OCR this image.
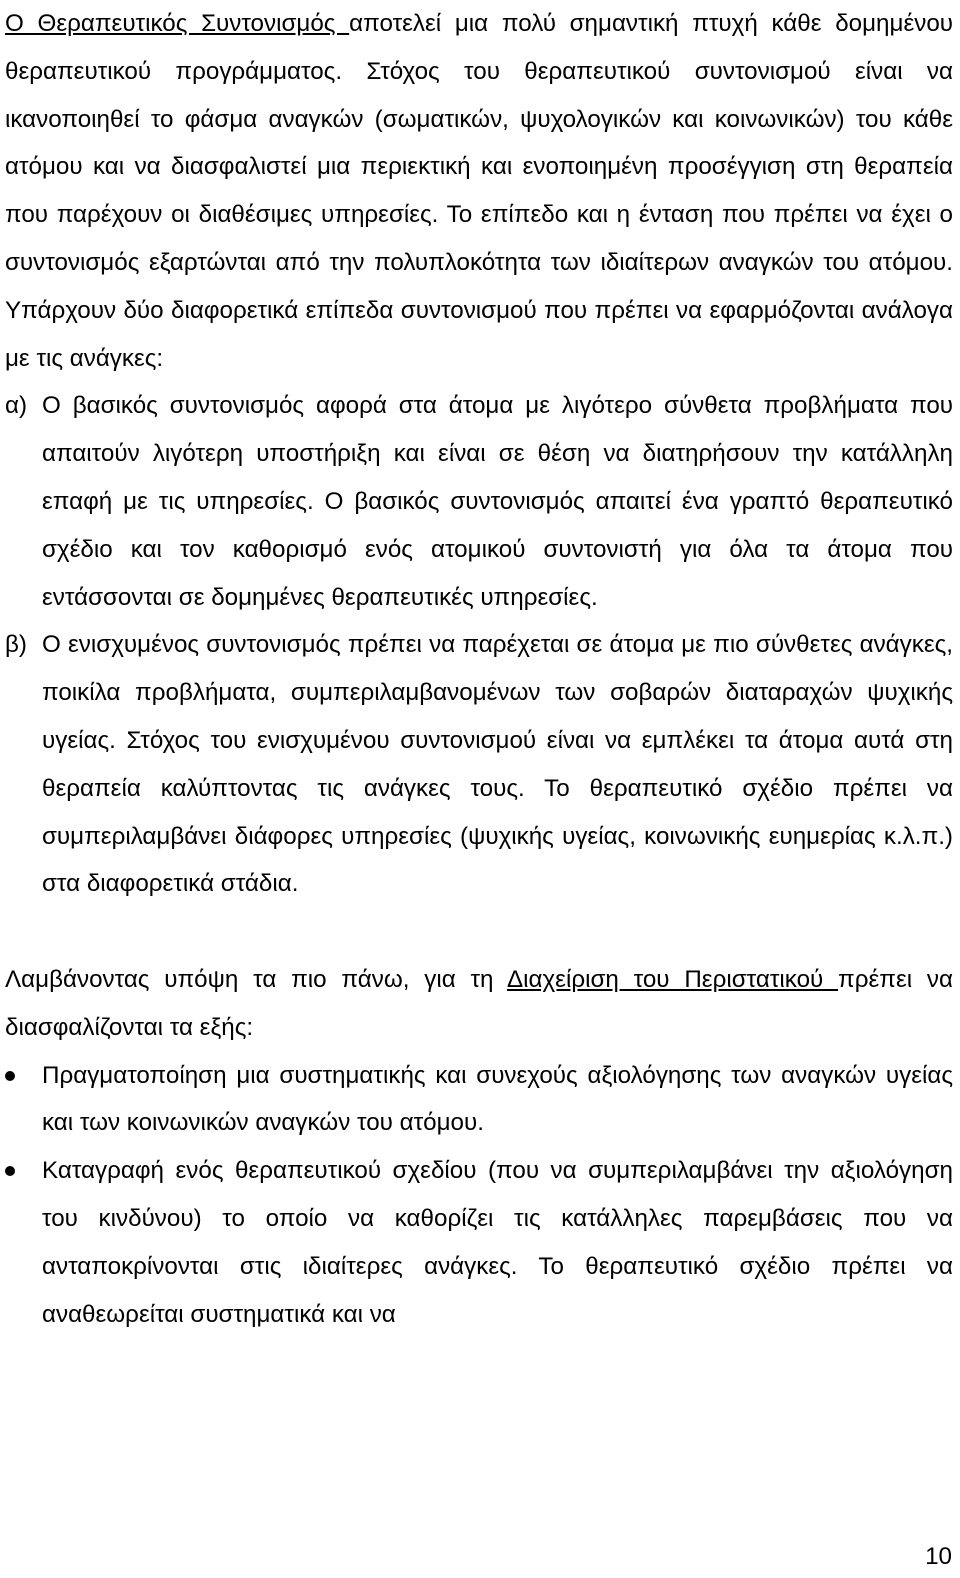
Ο Θεραπευτικός Συντονισμός αποτελεί μια πολύ σημαντική πτυχή κάθε δομημένου θεραπευτικού προγράμματος. Στόχος του θεραπευτικού συντονισμού είναι να ικανοποιηθεί το φάσμα αναγκών (σωματικών, ψυχολογικών και κοινωνικών) του κάθε ατόμου και να διασφαλιστεί μια περιεκτική και ενοποιημένη προσέγγιση στη θεραπεία που παρέχουν οι διαθέσιμες υπηρεσίες. Το επίπεδο και η ένταση που πρέπει να έχει ο συντονισμός εξαρτώνται από την πολυπλοκότητα των ιδιαίτερων αναγκών του ατόμου. Υπάρχουν δύο διαφορετικά επίπεδα συντονισμού που πρέπει να εφαρμόζονται ανάλογα με τις ανάγκες:

α) Ο βασικός συντονισμός αφορά στα άτομα με λιγότερο σύνθετα προβλήματα που απαιτούν λιγότερη υποστήριξη και είναι σε θέση να διατηρήσουν την κατάλληλη επαφή με τις υπηρεσίες. Ο βασικός συντονισμός απαιτεί ένα γραπτό θεραπευτικό σχέδιο και τον καθορισμό ενός ατομικού συντονιστή για όλα τα άτομα που εντάσσονται σε δομημένες θεραπευτικές υπηρεσίες.
β) Ο ενισχυμένος συντονισμός πρέπει να παρέχεται σε άτομα με πιο σύνθετες ανάγκες, ποικίλα προβλήματα, συμπεριλαμβανομένων των σοβαρών διαταραχών ψυχικής υγείας. Στόχος του ενισχυμένου συντονισμού είναι να εμπλέκει τα άτομα αυτά στη θεραπεία καλύπτοντας τις ανάγκες τους. Το θεραπευτικό σχέδιο πρέπει να συμπεριλαμβάνει διάφορες υπηρεσίες (ψυχικής υγείας, κοινωνικής ευημερίας κ.λ.π.) στα διαφορετικά στάδια.

Λαμβάνοντας υπόψη τα πιο πάνω, για τη Διαχείριση του Περιστατικού πρέπει να διασφαλίζονται τα εξής:

Πραγματοποίηση μια συστηματικής και συνεχούς αξιολόγησης των αναγκών υγείας και των κοινωνικών αναγκών του ατόμου.
Καταγραφή ενός θεραπευτικού σχεδίου (που να συμπεριλαμβάνει την αξιολόγηση του κινδύνου) το οποίο να καθορίζει τις κατάλληλες παρεμβάσεις που να ανταποκρίνονται στις ιδιαίτερες ανάγκες. Το θεραπευτικό σχέδιο πρέπει να αναθεωρείται συστηματικά και να
10
